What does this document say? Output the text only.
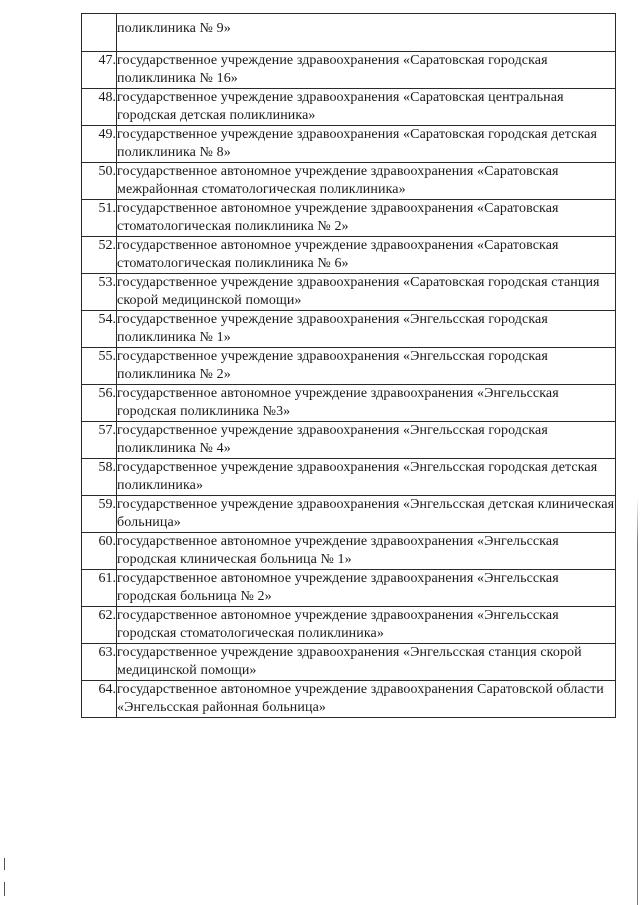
	поликлиника № 9»
47.	государственное учреждение здравоохранения «Саратовская городская поликлиника № 16»
48.	государственное учреждение здравоохранения «Саратовская центральная городская детская поликлиника»
49.	государственное учреждение здравоохранения «Саратовская городская детская поликлиника № 8»
50.	государственное автономное учреждение здравоохранения «Саратовская межрайонная стоматологическая поликлиника»
51.	государственное автономное учреждение здравоохранения «Саратовская стоматологическая поликлиника № 2»
52.	государственное автономное учреждение здравоохранения «Саратовская стоматологическая поликлиника № 6»
53.	государственное учреждение здравоохранения «Саратовская городская станция скорой медицинской помощи»
54.	государственное учреждение здравоохранения «Энгельсская городская поликлиника № 1»
55.	государственное учреждение здравоохранения «Энгельсская городская поликлиника № 2»
56.	государственное автономное учреждение здравоохранения «Энгельсская городская поликлиника №3»
57.	государственное учреждение здравоохранения «Энгельсская городская поликлиника № 4»
58.	государственное учреждение здравоохранения «Энгельсская городская детская поликлиника»
59.	государственное учреждение здравоохранения «Энгельсская детская клиническая больница»
60.	государственное автономное учреждение здравоохранения «Энгельсская городская клиническая больница № 1»
61.	государственное автономное учреждение здравоохранения «Энгельсская городская больница № 2»
62.	государственное автономное учреждение здравоохранения «Энгельсская городская стоматологическая поликлиника»
63.	государственное учреждение здравоохранения «Энгельсская станция скорой медицинской помощи»
64.	государственное автономное учреждение здравоохранения Саратовской области «Энгельсская районная больница»
